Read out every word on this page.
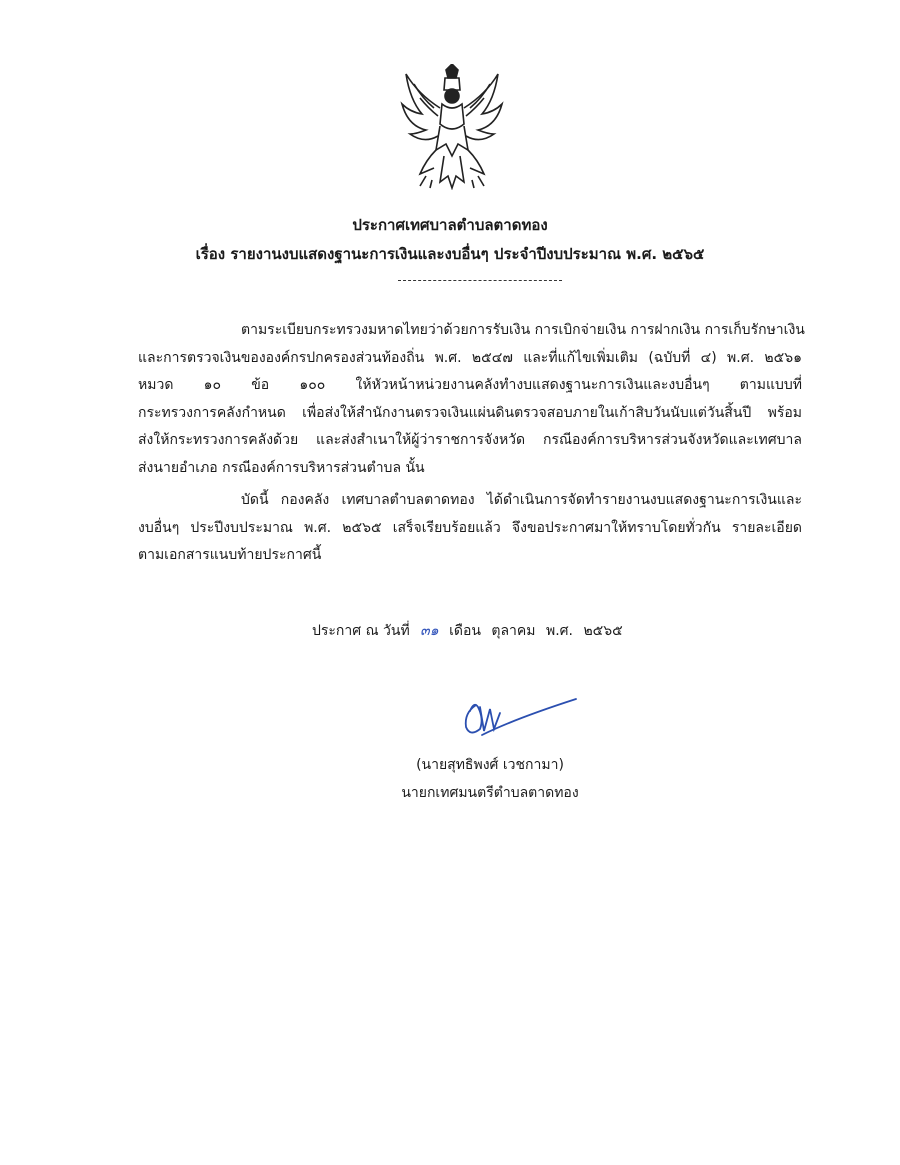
ประกาศเทศบาลตำบลตาดทอง
เรื่อง รายงานงบแสดงฐานะการเงินและงบอื่นๆ ประจำปีงบประมาณ พ.ศ. ๒๕๖๕
ตามระเบียบกระทรวงมหาดไทยว่าด้วยการรับเงิน การเบิกจ่ายเงิน การฝากเงิน การเก็บรักษาเงิน
และการตรวจเงินขององค์กรปกครองส่วนท้องถิ่น พ.ศ. ๒๕๔๗ และที่แก้ไขเพิ่มเติม (ฉบับที่ ๔) พ.ศ. ๒๕๖๑
หมวด ๑๐ ข้อ ๑๐๐ ให้หัวหน้าหน่วยงานคลังทำงบแสดงฐานะการเงินและงบอื่นๆ ตามแบบที่
กระทรวงการคลังกำหนด เพื่อส่งให้สำนักงานตรวจเงินแผ่นดินตรวจสอบภายในเก้าสิบวันนับแต่วันสิ้นปี พร้อม
ส่งให้กระทรวงการคลังด้วย และส่งสำเนาให้ผู้ว่าราชการจังหวัด กรณีองค์การบริหารส่วนจังหวัดและเทศบาล
ส่งนายอำเภอ กรณีองค์การบริหารส่วนตำบล นั้น
บัดนี้ กองคลัง เทศบาลตำบลตาดทอง ได้ดำเนินการจัดทำรายงานงบแสดงฐานะการเงินและ
งบอื่นๆ ประปีงบประมาณ พ.ศ. ๒๕๖๕ เสร็จเรียบร้อยแล้ว จึงขอประกาศมาให้ทราบโดยทั่วกัน รายละเอียด
ตามเอกสารแนบท้ายประกาศนี้
ประกาศ ณ วันที่ ๓๑ เดือน ตุลาคม พ.ศ. ๒๕๖๕
(นายสุทธิพงศ์ เวชกามา)
นายกเทศมนตรีตำบลตาดทอง
